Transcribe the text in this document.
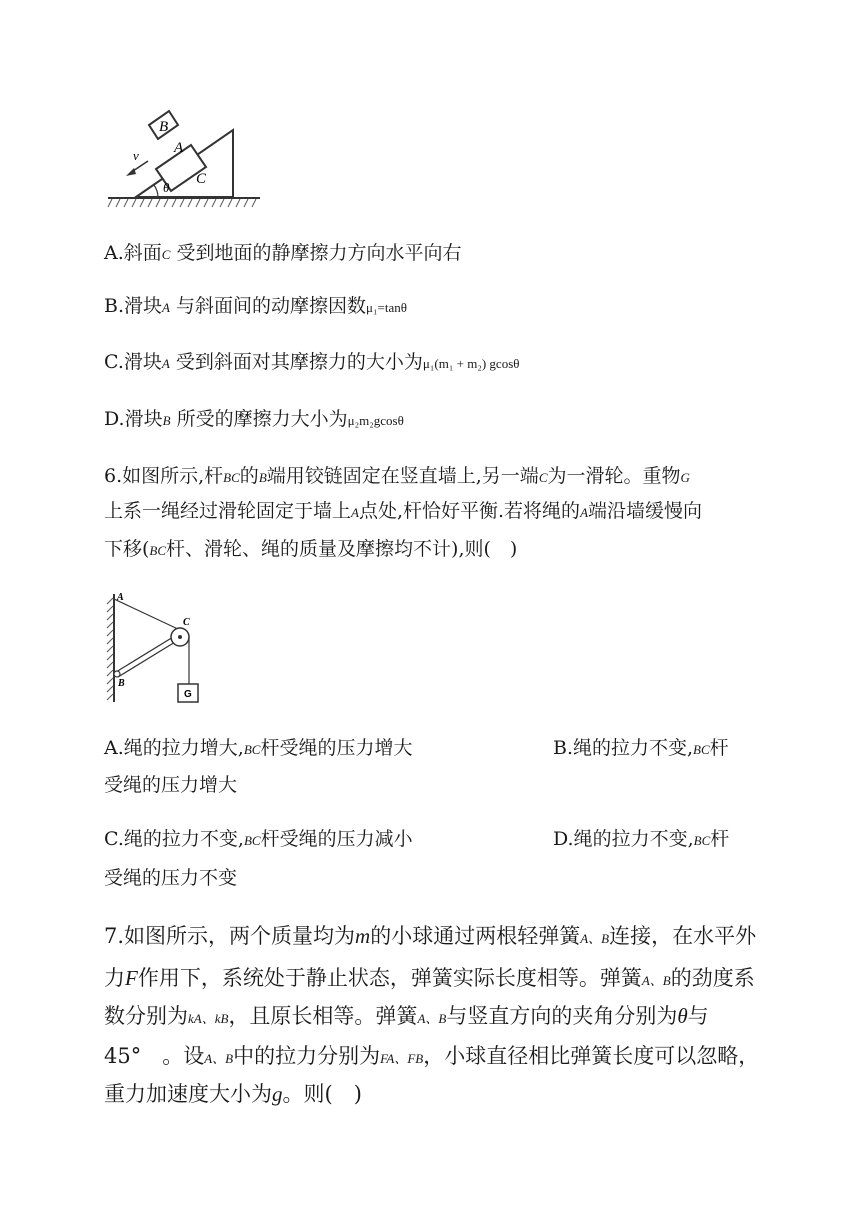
B
A
C
θ
v
A.斜面C 受到地面的静摩擦力方向水平向右
B.滑块A 与斜面间的动摩擦因数μ₁=tanθ
C.滑块A 受到斜面对其摩擦力的大小为μ₁(m₁ + m₂) gcosθ
D.滑块B 所受的摩擦力大小为μ₂m₂gcosθ
6.如图所示,杆BC的B端用铰链固定在竖直墙上,另一端C为一滑轮。重物G
上系一绳经过滑轮固定于墙上A点处,杆恰好平衡.若将绳的A端沿墙缓慢向
下移(BC杆、滑轮、绳的质量及摩擦均不计),则(　)
A
B
C
G
A.绳的拉力增大,BC杆受绳的压力增大	B.绳的拉力不变,BC杆
受绳的压力增大
C.绳的拉力不变,BC杆受绳的压力减小	D.绳的拉力不变,BC杆
受绳的压力不变
7.如图所示，两个质量均为m的小球通过两根轻弹簧A、B连接，在水平外
力F作用下，系统处于静止状态，弹簧实际长度相等。弹簧A、B的劲度系
数分别为kA、kB，且原长相等。弹簧A、B与竖直方向的夹角分别为θ与
45°　。设A、B中的拉力分别为FA、FB，小球直径相比弹簧长度可以忽略，
重力加速度大小为g。则(　)
